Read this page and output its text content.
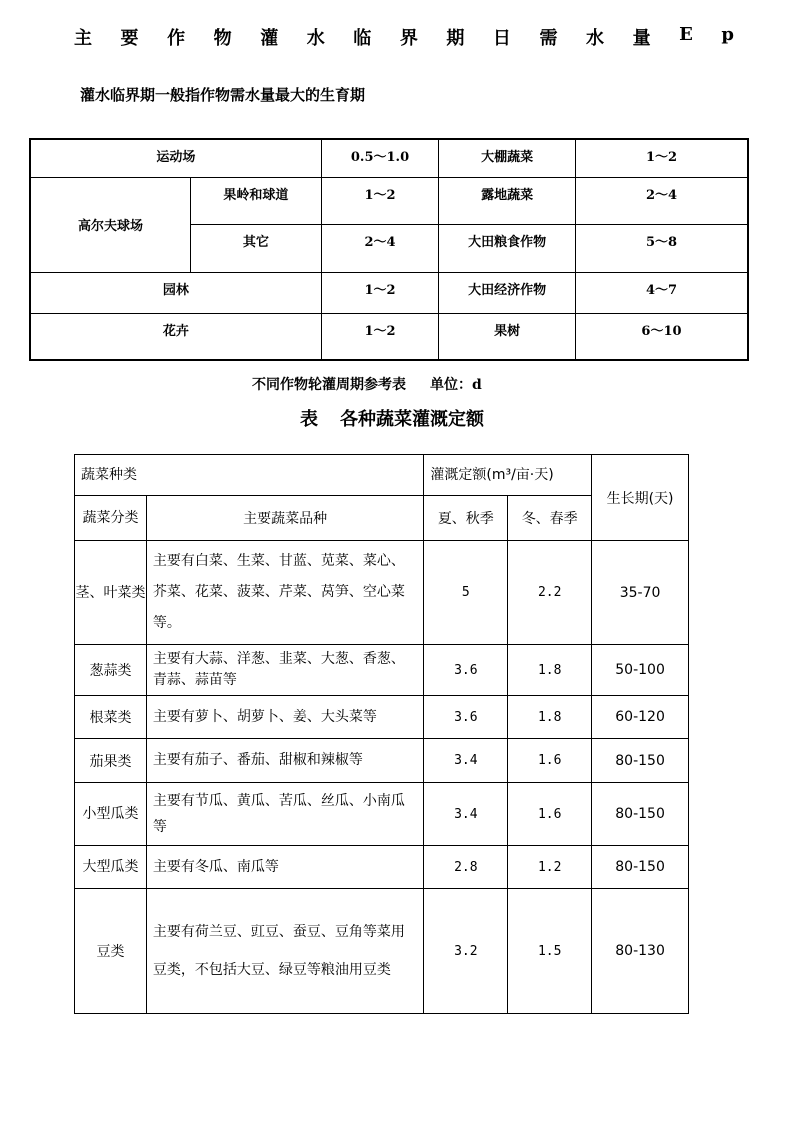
主 要 作 物 灌 水 临 界 期 日 需 水 量 E p
灌水临界期一般指作物需水量最大的生育期
运动场		0.5～1.0	大棚蔬菜	1～2
高尔夫球场	果岭和球道	1～2	露地蔬菜	2～4
	其它	2～4	大田粮食作物	5～8
园林		1～2	大田经济作物	4～7
花卉		1～2	果树	6～10
不同作物轮灌周期参考表 单位：d
表 各种蔬菜灌溉定额
蔬菜种类		灌溉定额(m³/亩·天)		生长期(天)
蔬菜分类	主要蔬菜品种	夏、秋季	冬、春季	
茎、叶菜类	主要有白菜、生菜、甘蓝、苋菜、菜心、芥菜、花菜、菠菜、芹菜、莴笋、空心菜等。	5	2.2	35-70
葱蒜类	主要有大蒜、洋葱、韭菜、大葱、香葱、青蒜、蒜苗等	3.6	1.8	50-100
根菜类	主要有萝卜、胡萝卜、姜、大头菜等	3.6	1.8	60-120
茄果类	主要有茄子、番茄、甜椒和辣椒等	3.4	1.6	80-150
小型瓜类	主要有节瓜、黄瓜、苦瓜、丝瓜、小南瓜等	3.4	1.6	80-150
大型瓜类	主要有冬瓜、南瓜等	2.8	1.2	80-150
豆类	主要有荷兰豆、豇豆、蚕豆、豆角等菜用豆类，不包括大豆、绿豆等粮油用豆类	3.2	1.5	80-130
